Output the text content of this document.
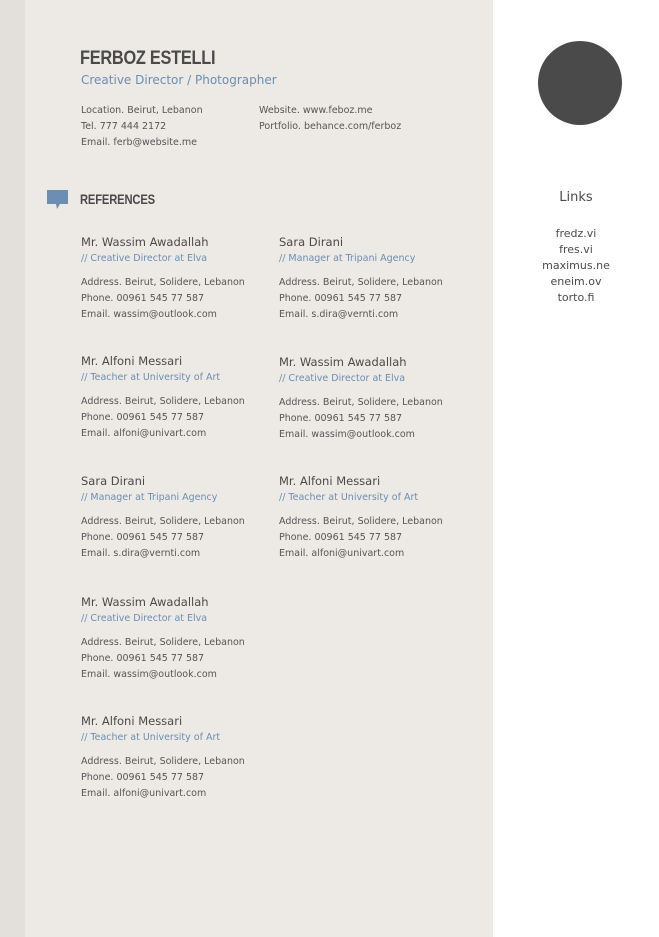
FERBOZ ESTELLI
Creative Director / Photographer
Location. Beirut, Lebanon
Tel. 777 444 2172
Email. ferb@website.me
Website. www.feboz.me
Portfolio. behance.com/ferboz
REFERENCES
Mr. Wassim Awadallah
// Creative Director at Elva
Address. Beirut, Solidere, Lebanon
Phone. 00961 545 77 587
Email. wassim@outlook.com
Sara Dirani
// Manager at Tripani Agency
Address. Beirut, Solidere, Lebanon
Phone. 00961 545 77 587
Email. s.dira@vernti.com
Mr. Alfoni Messari
// Teacher at University of Art
Address. Beirut, Solidere, Lebanon
Phone. 00961 545 77 587
Email. alfoni@univart.com
Mr. Wassim Awadallah
// Creative Director at Elva
Address. Beirut, Solidere, Lebanon
Phone. 00961 545 77 587
Email. wassim@outlook.com
Sara Dirani
// Manager at Tripani Agency
Address. Beirut, Solidere, Lebanon
Phone. 00961 545 77 587
Email. s.dira@vernti.com
Mr. Alfoni Messari
// Teacher at University of Art
Address. Beirut, Solidere, Lebanon
Phone. 00961 545 77 587
Email. alfoni@univart.com
Mr. Wassim Awadallah
// Creative Director at Elva
Address. Beirut, Solidere, Lebanon
Phone. 00961 545 77 587
Email. wassim@outlook.com
Mr. Alfoni Messari
// Teacher at University of Art
Address. Beirut, Solidere, Lebanon
Phone. 00961 545 77 587
Email. alfoni@univart.com
Links
fredz.vi
fres.vi
maximus.ne
eneim.ov
torto.fi
